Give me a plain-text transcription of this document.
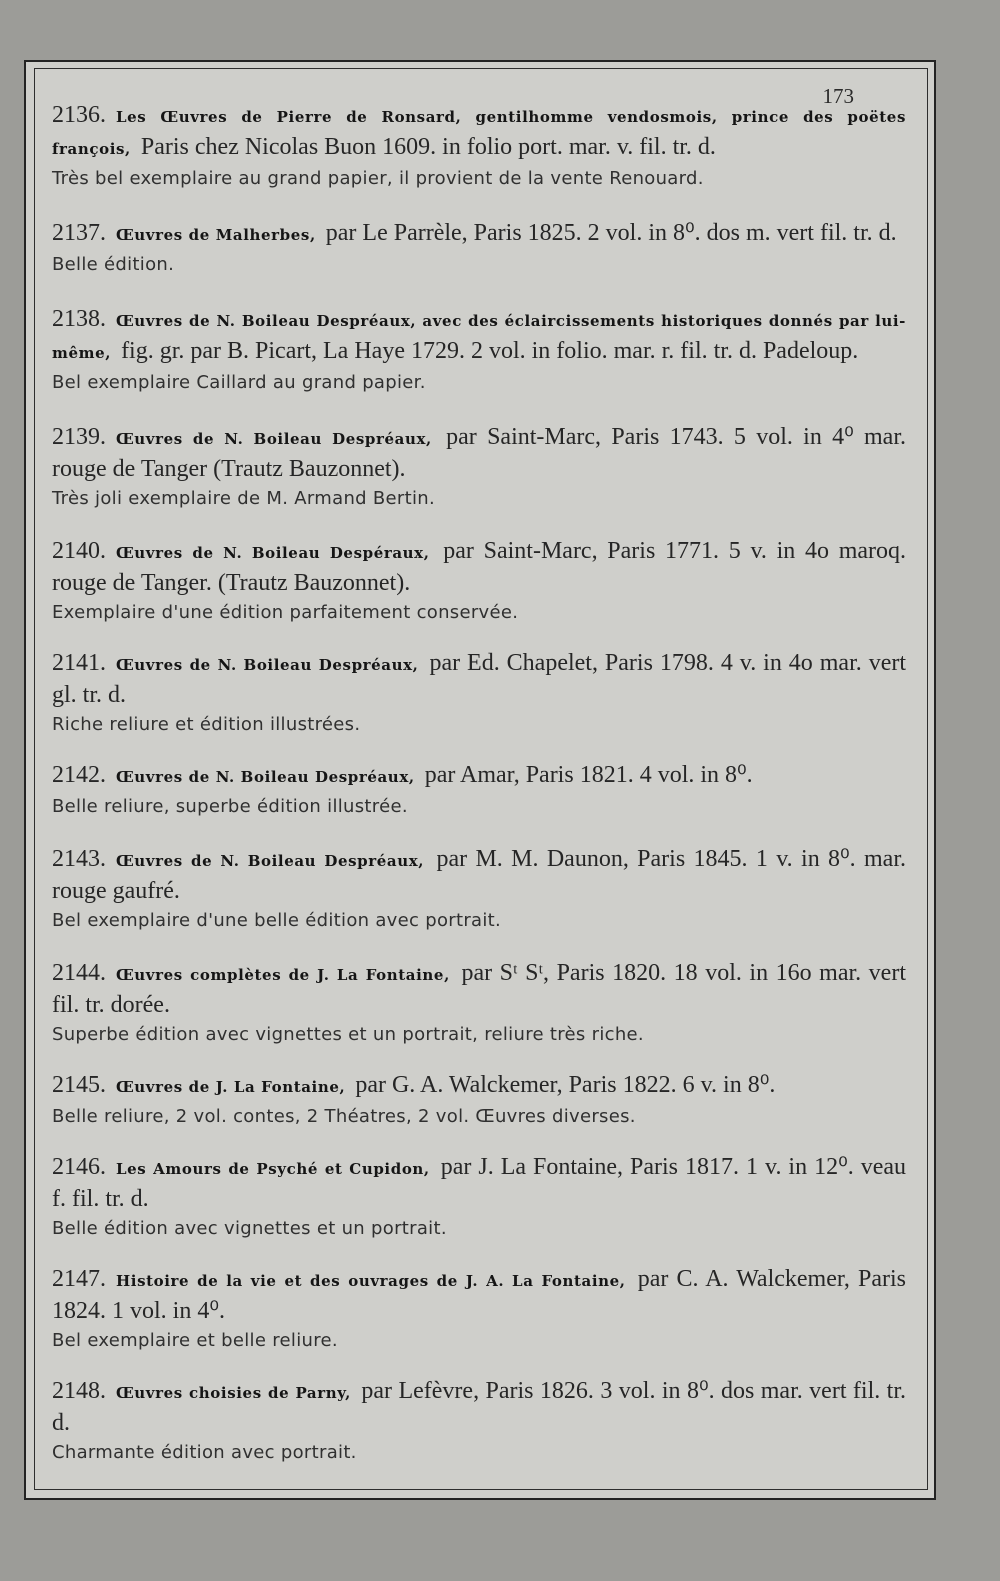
173
2136. Les Œuvres de Pierre de Ronsard, gentilhomme vendosmois, prince des poëtes françois, Paris chez Nicolas Buon 1609. in folio port. mar. v. fil. tr. d.
Très bel exemplaire au grand papier, il provient de la vente Renouard.
2137. Œuvres de Malherbes, par Le Parrèle, Paris 1825. 2 vol. in 8⁰. dos m. vert fil. tr. d.
Belle édition.
2138. Œuvres de N. Boileau Despréaux, avec des éclaircissements historiques donnés par lui-même, fig. gr. par B. Picart, La Haye 1729. 2 vol. in folio. mar. r. fil. tr. d. Padeloup.
Bel exemplaire Caillard au grand papier.
2139. Œuvres de N. Boileau Despréaux, par Saint-Marc, Paris 1743. 5 vol. in 4⁰ mar. rouge de Tanger (Trautz Bauzonnet).
Très joli exemplaire de M. Armand Bertin.
2140. Œuvres de N. Boileau Despéraux, par Saint-Marc, Paris 1771. 5 v. in 4o maroq. rouge de Tanger. (Trautz Bauzonnet).
Exemplaire d'une édition parfaitement conservée.
2141. Œuvres de N. Boileau Despréaux, par Ed. Chapelet, Paris 1798. 4 v. in 4o mar. vert gl. tr. d.
Riche reliure et édition illustrées.
2142. Œuvres de N. Boileau Despréaux, par Amar, Paris 1821. 4 vol. in 8⁰.
Belle reliure, superbe édition illustrée.
2143. Œuvres de N. Boileau Despréaux, par M. M. Daunon, Paris 1845. 1 v. in 8⁰. mar. rouge gaufré.
Bel exemplaire d'une belle édition avec portrait.
2144. Œuvres complètes de J. La Fontaine, par Sᵗ Sᵗ, Paris 1820. 18 vol. in 16o mar. vert fil. tr. dorée.
Superbe édition avec vignettes et un portrait, reliure très riche.
2145. Œuvres de J. La Fontaine, par G. A. Walckemer, Paris 1822. 6 v. in 8⁰.
Belle reliure, 2 vol. contes, 2 Théatres, 2 vol. Œuvres diverses.
2146. Les Amours de Psyché et Cupidon, par J. La Fontaine, Paris 1817. 1 v. in 12⁰. veau f. fil. tr. d.
Belle édition avec vignettes et un portrait.
2147. Histoire de la vie et des ouvrages de J. A. La Fontaine, par C. A. Walckemer, Paris 1824. 1 vol. in 4⁰.
Bel exemplaire et belle reliure.
2148. Œuvres choisies de Parny, par Lefèvre, Paris 1826. 3 vol. in 8⁰. dos mar. vert fil. tr. d.
Charmante édition avec portrait.
